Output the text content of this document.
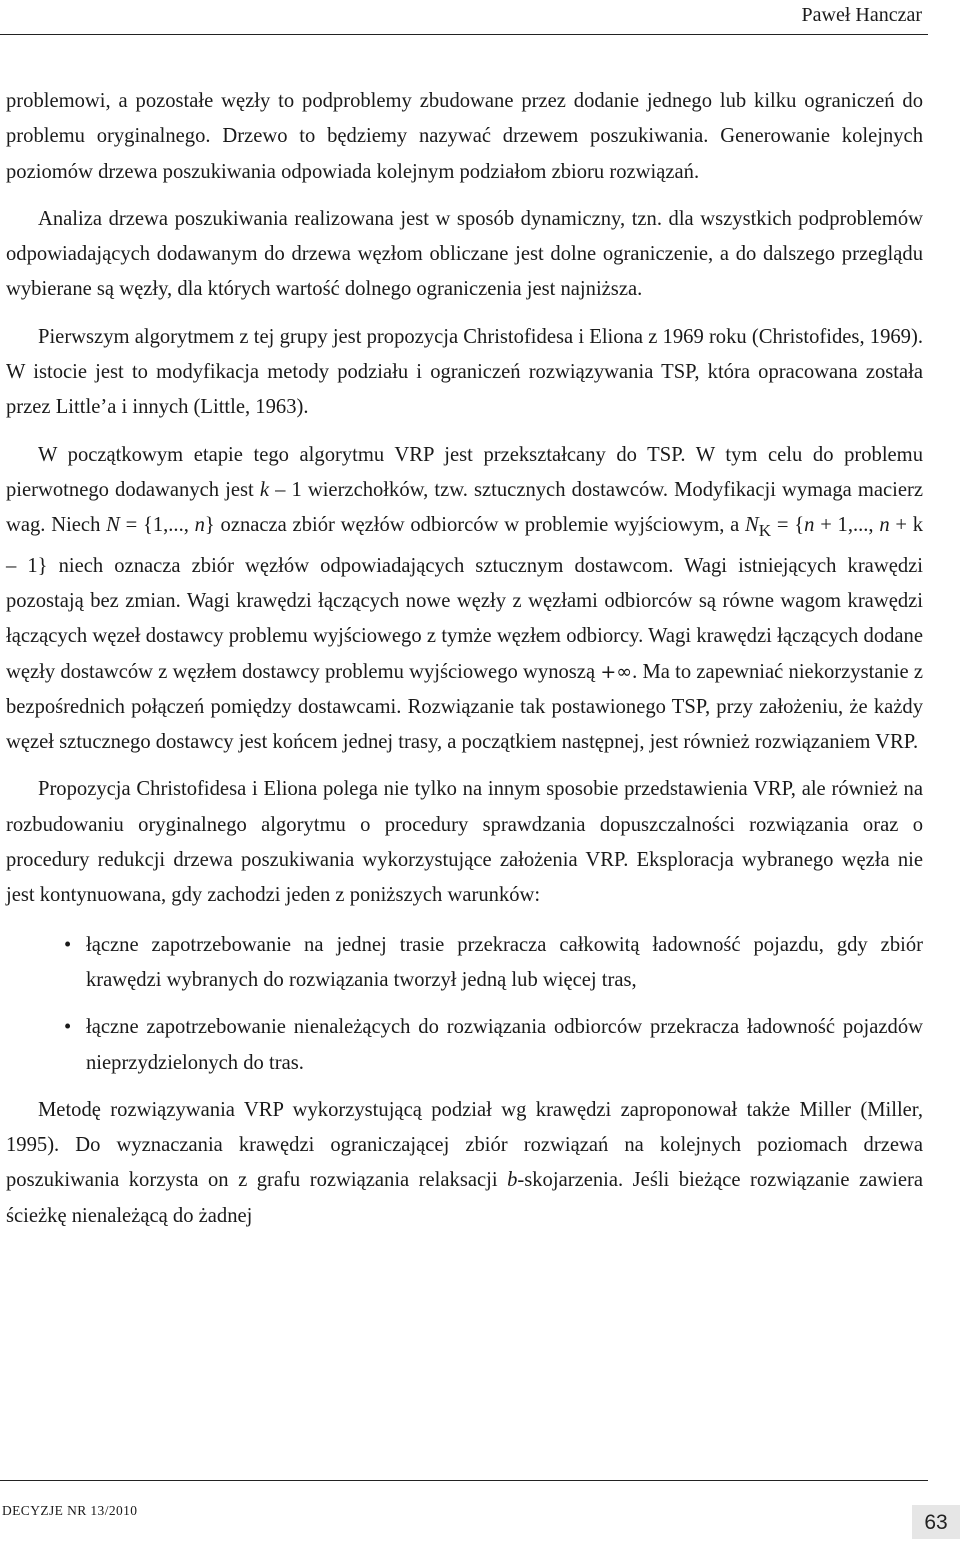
Paweł Hanczar

problemowi, a pozostałe węzły to podproblemy zbudowane przez dodanie jednego lub kilku ograniczeń do problemu oryginalnego. Drzewo to będziemy nazywać drzewem poszukiwania. Generowanie kolejnych poziomów drzewa poszukiwania odpowiada kolejnym podziałom zbioru rozwiązań.

Analiza drzewa poszukiwania realizowana jest w sposób dynamiczny, tzn. dla wszystkich podproblemów odpowiadających dodawanym do drzewa węzłom obliczane jest dolne ograniczenie, a do dalszego przeglądu wybierane są węzły, dla których wartość dolnego ograniczenia jest najniższa.

Pierwszym algorytmem z tej grupy jest propozycja Christofidesa i Eliona z 1969 roku (Christofides, 1969). W istocie jest to modyfikacja metody podziału i ograniczeń rozwiązywania TSP, która opracowana została przez Little’a i innych (Little, 1963).

W początkowym etapie tego algorytmu VRP jest przekształcany do TSP. W tym celu do problemu pierwotnego dodawanych jest k – 1 wierzchołków, tzw. sztucznych dostawców. Modyfikacji wymaga macierz wag. Niech N = {1,..., n} oznacza zbiór węzłów odbiorców w problemie wyjściowym, a $N_K = \{n + 1$,..., n + k – 1} niech oznacza zbiór węzłów odpowiadających sztucznym dostawcom. Wagi istniejących krawędzi pozostają bez zmian. Wagi krawędzi łączących nowe węzły z węzłami odbiorców są równe wagom krawędzi łączących węzeł dostawcy problemu wyjściowego z tymże węzłem odbiorcy. Wagi krawędzi łączących dodane węzły dostawców z węzłem dostawcy problemu wyjściowego wynoszą +∞. Ma to zapewniać niekorzystanie z bezpośrednich połączeń pomiędzy dostawcami. Rozwiązanie tak postawionego TSP, przy założeniu, że każdy węzeł sztucznego dostawcy jest końcem jednej trasy, a początkiem następnej, jest również rozwiązaniem VRP.

Propozycja Christofidesa i Eliona polega nie tylko na innym sposobie przedstawienia VRP, ale również na rozbudowaniu oryginalnego algorytmu o procedury sprawdzania dopuszczalności rozwiązania oraz o procedury redukcji drzewa poszukiwania wykorzystujące założenia VRP. Eksploracja wybranego węzła nie jest kontynuowana, gdy zachodzi jeden z poniższych warunków:

• łączne zapotrzebowanie na jednej trasie przekracza całkowitą ładowność pojazdu, gdy zbiór krawędzi wybranych do rozwiązania tworzył jedną lub więcej tras,
• łączne zapotrzebowanie nienależących do rozwiązania odbiorców przekracza ładowność pojazdów nieprzydzielonych do tras.

Metodę rozwiązywania VRP wykorzystującą podział wg krawędzi zaproponował także Miller (Miller, 1995). Do wyznaczania krawędzi ograniczającej zbiór rozwiązań na kolejnych poziomach drzewa poszukiwania korzysta on z grafu rozwiązania relaksacji b-skojarzenia. Jeśli bieżące rozwiązanie zawiera ścieżkę nienależącą do żadnej

DECYZJE NR 13/2010
63
